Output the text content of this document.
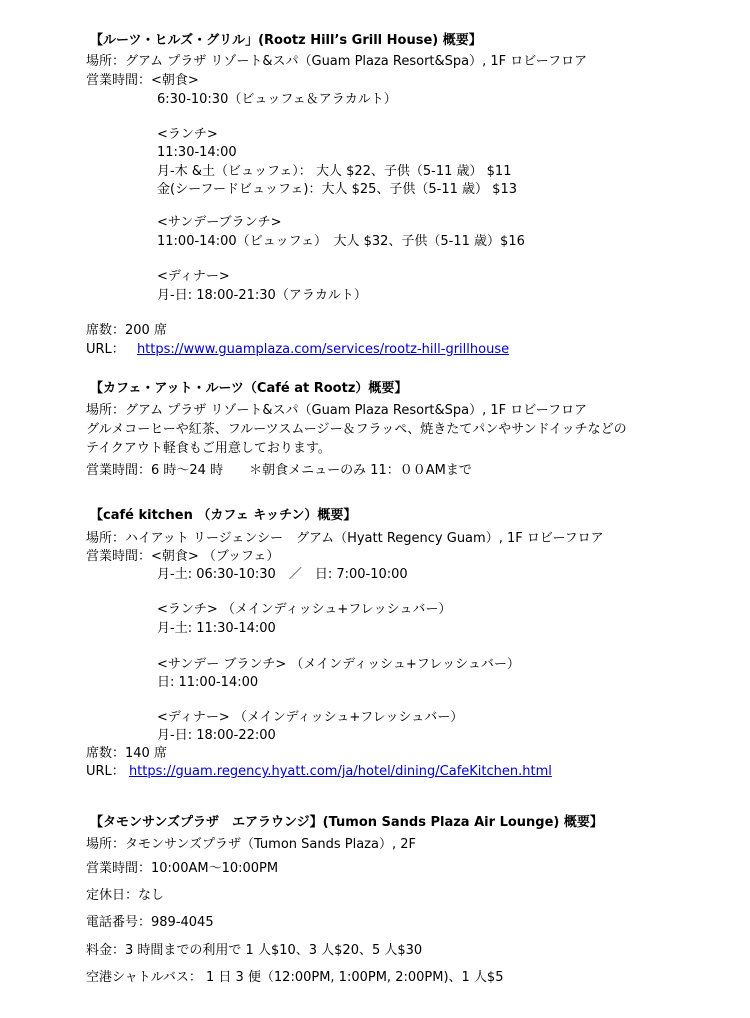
【ルーツ・ヒルズ・グリル」(Rootz Hill’s Grill House) 概要】
場所：グアム プラザ リゾート&スパ（Guam Plaza Resort&Spa）, 1F ロビーフロア
営業時間：<朝食>
6:30-10:30（ビュッフェ＆アラカルト）
<ランチ>
11:30-14:00
月-木 &土（ビュッフェ）： 大人 $22、子供（5-11 歳） $11
金(シーフードビュッフェ)：大人 $25、子供（5-11 歳） $13
<サンデーブランチ>
11:00-14:00（ビュッフェ）　大人 $32、子供（5-11 歳）$16
<ディナー>
月-日: 18:00-21:30（アラカルト）
席数：200 席
URL： https://www.guamplaza.com/services/rootz-hill-grillhouse
【カフェ・アット・ルーツ（Café at Rootz）概要】
場所：グアム プラザ リゾート&スパ（Guam Plaza Resort&Spa）, 1F ロビーフロア
グルメコーヒーや紅茶、フルーツスムージー＆フラッペ、焼きたてパンやサンドイッチなどの
テイクアウト軽食もご用意しております。
営業時間：6 時〜24 時　　＊朝食メニューのみ 11：００AMまで
【café kitchen （カフェ キッチン）概要】
場所：ハイアット リージェンシー　グアム（Hyatt Regency Guam）, 1F ロビーフロア
営業時間：<朝食> （ブッフェ）
月-土: 06:30-10:30　／　日: 7:00-10:00
<ランチ> （メインディッシュ+フレッシュバー）
月-土: 11:30-14:00
<サンデー ブランチ> （メインディッシュ+フレッシュバー）
日: 11:00-14:00
<ディナー> （メインディッシュ+フレッシュバー）
月-日: 18:00-22:00
席数：140 席
URL： https://guam.regency.hyatt.com/ja/hotel/dining/CafeKitchen.html
【タモンサンズプラザ　エアラウンジ】(Tumon Sands Plaza Air Lounge) 概要】
場所：タモンサンズプラザ（Tumon Sands Plaza）, 2F
営業時間：10:00AM〜10:00PM
定休日：なし
電話番号：989-4045
料金：3 時間までの利用で 1 人$10、3 人$20、5 人$30
空港シャトルバス： 1 日 3 便（12:00PM, 1:00PM, 2:00PM)、1 人$5
